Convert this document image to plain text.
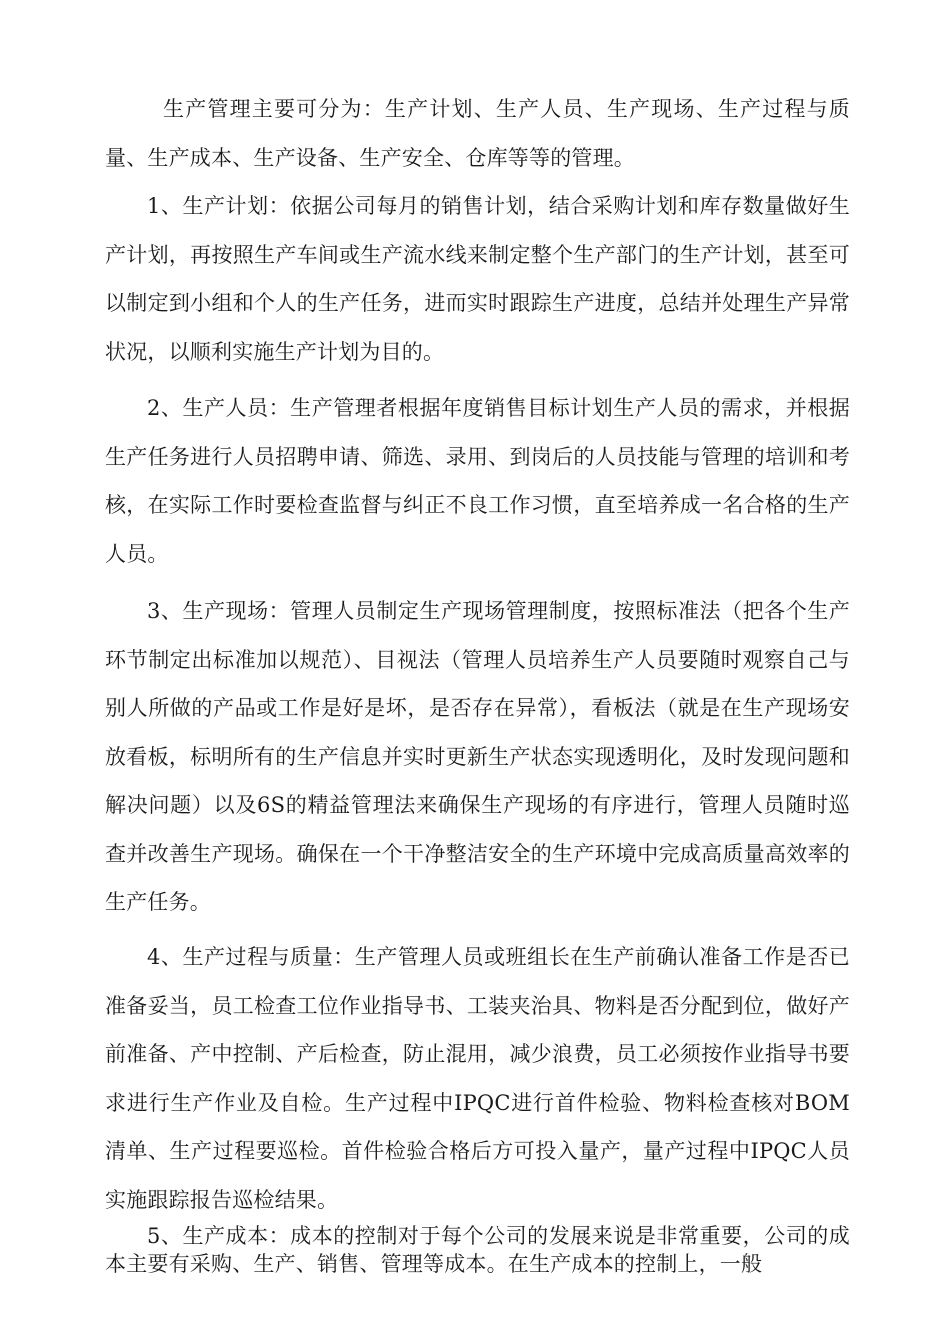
生产管理主要可分为：生产计划、生产人员、生产现场、生产过程与质量、生产成本、生产设备、生产安全、仓库等等的管理。

1、生产计划：依据公司每月的销售计划，结合采购计划和库存数量做好生产计划，再按照生产车间或生产流水线来制定整个生产部门的生产计划，甚至可以制定到小组和个人的生产任务，进而实时跟踪生产进度，总结并处理生产异常状况，以顺利实施生产计划为目的。

2、生产人员：生产管理者根据年度销售目标计划生产人员的需求，并根据生产任务进行人员招聘申请、筛选、录用、到岗后的人员技能与管理的培训和考核，在实际工作时要检查监督与纠正不良工作习惯，直至培养成一名合格的生产人员。

3、生产现场：管理人员制定生产现场管理制度，按照标准法（把各个生产环节制定出标准加以规范）、目视法（管理人员培养生产人员要随时观察自己与别人所做的产品或工作是好是坏，是否存在异常），看板法（就是在生产现场安放看板，标明所有的生产信息并实时更新生产状态实现透明化，及时发现问题和解决问题）以及6S的精益管理法来确保生产现场的有序进行，管理人员随时巡查并改善生产现场。确保在一个干净整洁安全的生产环境中完成高质量高效率的生产任务。

4、生产过程与质量：生产管理人员或班组长在生产前确认准备工作是否已准备妥当，员工检查工位作业指导书、工装夹治具、物料是否分配到位，做好产前准备、产中控制、产后检查，防止混用，减少浪费，员工必须按作业指导书要求进行生产作业及自检。生产过程中IPQC进行首件检验、物料检查核对BOM清单、生产过程要巡检。首件检验合格后方可投入量产，量产过程中IPQC人员实施跟踪报告巡检结果。

5、生产成本：成本的控制对于每个公司的发展来说是非常重要，公司的成本主要有采购、生产、销售、管理等成本。在生产成本的控制上，一般
